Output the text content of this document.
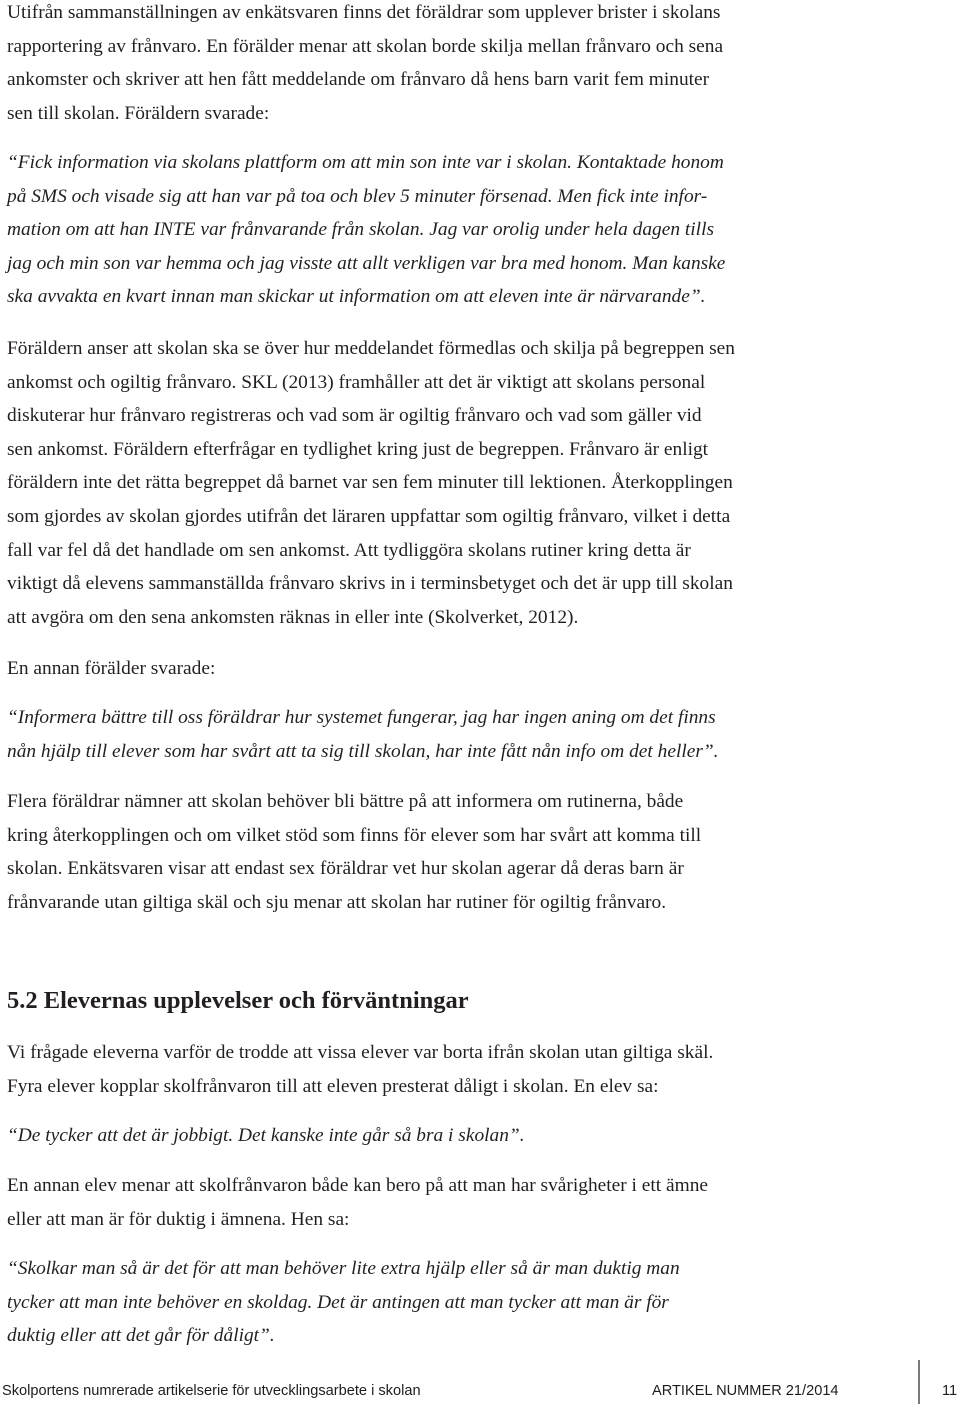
Utifrån sammanställningen av enkätsvaren finns det föräldrar som upplever brister i skolans
rapportering av frånvaro. En förälder menar att skolan borde skilja mellan frånvaro och sena
ankomster och skriver att hen fått meddelande om frånvaro då hens barn varit fem minuter
sen till skolan. Föräldern svarade:
“Fick information via skolans plattform om att min son inte var i skolan. Kontaktade honom
på SMS och visade sig att han var på toa och blev 5 minuter försenad. Men fick inte infor-
mation om att han INTE var frånvarande från skolan. Jag var orolig under hela dagen tills
jag och min son var hemma och jag visste att allt verkligen var bra med honom. Man kanske
ska avvakta en kvart innan man skickar ut information om att eleven inte är närvarande”.
Föräldern anser att skolan ska se över hur meddelandet förmedlas och skilja på begreppen sen
ankomst och ogiltig frånvaro. SKL (2013) framhåller att det är viktigt att skolans personal
diskuterar hur frånvaro registreras och vad som är ogiltig frånvaro och vad som gäller vid
sen ankomst. Föräldern efterfrågar en tydlighet kring just de begreppen. Frånvaro är enligt
föräldern inte det rätta begreppet då barnet var sen fem minuter till lektionen. Återkopplingen
som gjordes av skolan gjordes utifrån det läraren uppfattar som ogiltig frånvaro, vilket i detta
fall var fel då det handlade om sen ankomst. Att tydliggöra skolans rutiner kring detta är
viktigt då elevens sammanställda frånvaro skrivs in i terminsbetyget och det är upp till skolan
att avgöra om den sena ankomsten räknas in eller inte (Skolverket, 2012).
En annan förälder svarade:
“Informera bättre till oss föräldrar hur systemet fungerar, jag har ingen aning om det finns
nån hjälp till elever som har svårt att ta sig till skolan, har inte fått nån info om det heller”.
Flera föräldrar nämner att skolan behöver bli bättre på att informera om rutinerna, både
kring återkopplingen och om vilket stöd som finns för elever som har svårt att komma till
skolan. Enkätsvaren visar att endast sex föräldrar vet hur skolan agerar då deras barn är
frånvarande utan giltiga skäl och sju menar att skolan har rutiner för ogiltig frånvaro.
5.2 Elevernas upplevelser och förväntningar
Vi frågade eleverna varför de trodde att vissa elever var borta ifrån skolan utan giltiga skäl.
Fyra elever kopplar skolfrånvaron till att eleven presterat dåligt i skolan. En elev sa:
“De tycker att det är jobbigt. Det kanske inte går så bra i skolan”.
En annan elev menar att skolfrånvaron både kan bero på att man har svårigheter i ett ämne
eller att man är för duktig i ämnena. Hen sa:
“Skolkar man så är det för att man behöver lite extra hjälp eller så är man duktig man
tycker att man inte behöver en skoldag. Det är antingen att man tycker att man är för
duktig eller att det går för dåligt”.
Skolportens numrerade artikelserie för utvecklingsarbete i skolan	ARTIKEL NUMMER 21/2014	11
